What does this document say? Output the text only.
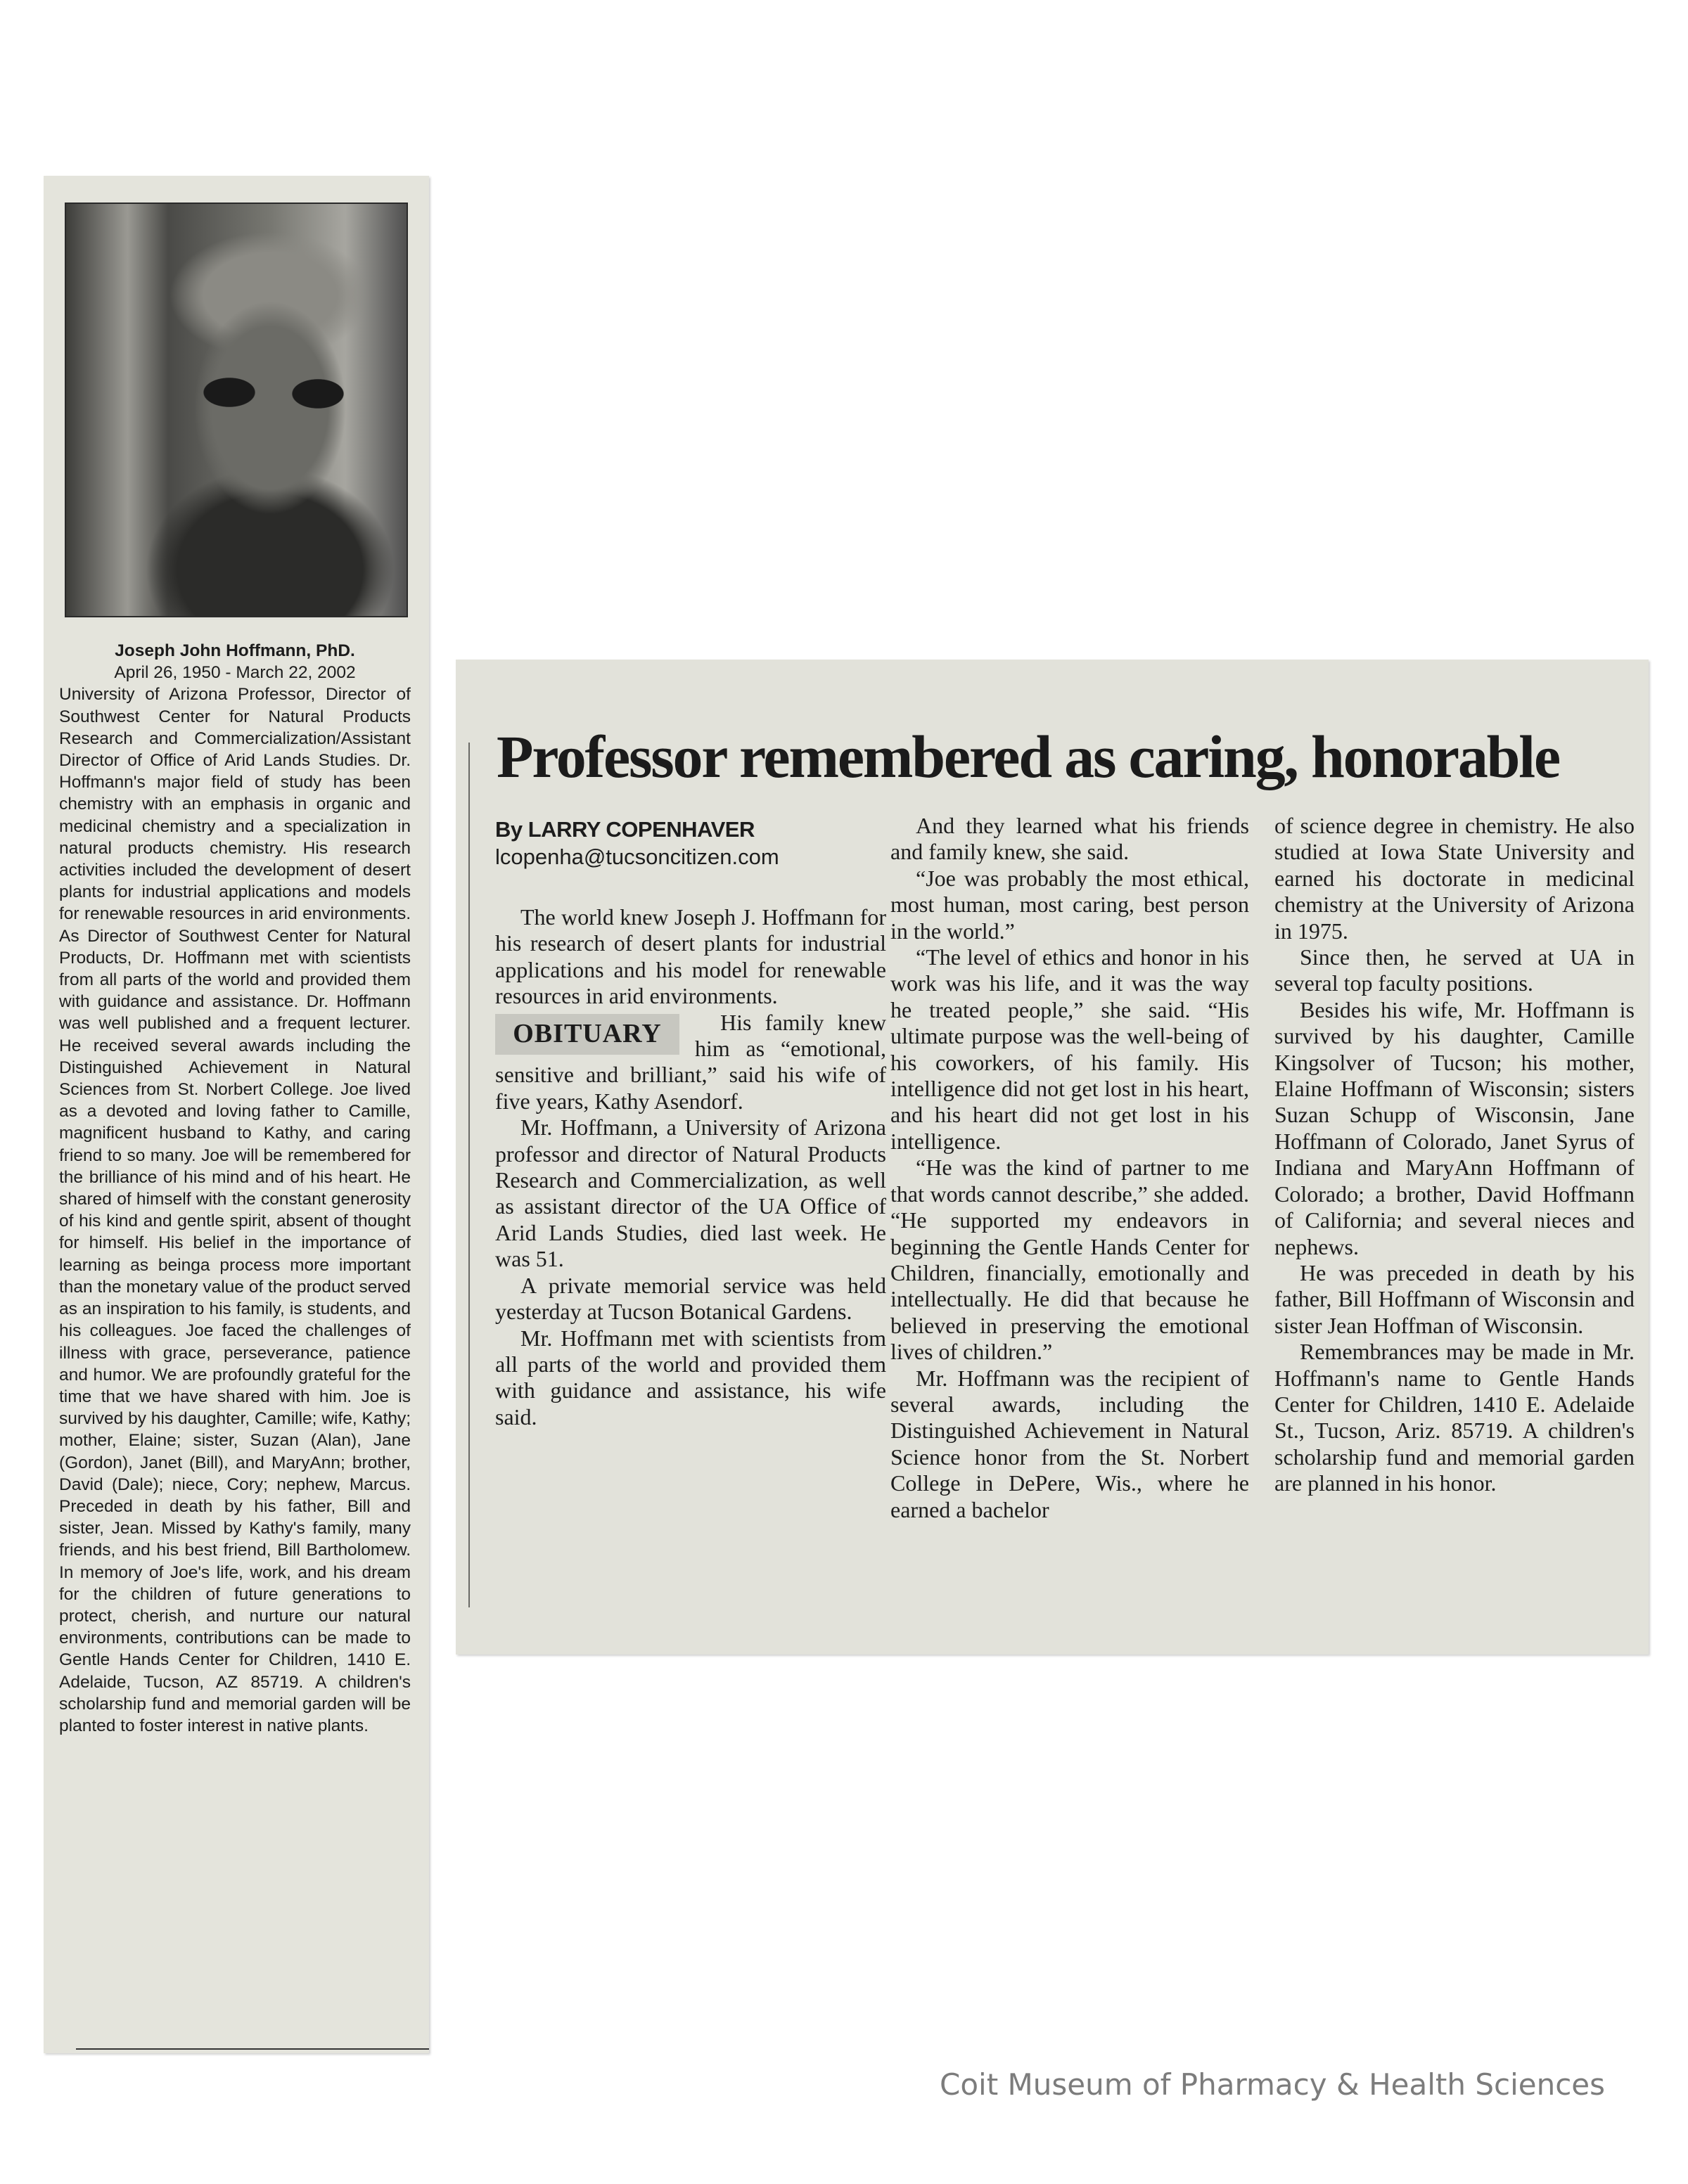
Joseph John Hoffmann, PhD.
April 26, 1950 - March 22, 2002
University of Arizona Professor, Director of Southwest Center for Natural Products Research and Commercialization/Assistant Director of Office of Arid Lands Studies. Dr. Hoffmann's major field of study has been chemistry with an emphasis in organic and medicinal chemistry and a specialization in natural products chemistry. His research activities included the development of desert plants for industrial applications and models for renewable resources in arid environments. As Director of Southwest Center for Natural Products, Dr. Hoffmann met with scientists from all parts of the world and provided them with guidance and assistance. Dr. Hoffmann was well published and a frequent lecturer. He received several awards including the Distinguished Achievement in Natural Sciences from St. Norbert College. Joe lived as a devoted and loving father to Camille, magnificent husband to Kathy, and caring friend to so many. Joe will be remembered for the brilliance of his mind and of his heart. He shared of himself with the constant generosity of his kind and gentle spirit, absent of thought for himself. His belief in the importance of learning as beinga process more important than the monetary value of the product served as an inspiration to his family, is students, and his colleagues. Joe faced the challenges of illness with grace, perseverance, patience and humor. We are profoundly grateful for the time that we have shared with him. Joe is survived by his daughter, Camille; wife, Kathy; mother, Elaine; sister, Suzan (Alan), Jane (Gordon), Janet (Bill), and MaryAnn; brother, David (Dale); niece, Cory; nephew, Marcus. Preceded in death by his father, Bill and sister, Jean. Missed by Kathy's family, many friends, and his best friend, Bill Bartholomew. In memory of Joe's life, work, and his dream for the children of future generations to protect, cherish, and nurture our natural environments, contributions can be made to Gentle Hands Center for Children, 1410 E. Adelaide, Tucson, AZ 85719. A children's scholarship fund and memorial garden will be planted to foster interest in native plants.
Professor remembered as caring, honorable
By LARRY COPENHAVER
lcopenha@tucsoncitizen.com

The world knew Joseph J. Hoffmann for his research of desert plants for industrial applications and his model for renewable resources in arid environments.

OBITUARY	His family knew him as “emotional, sensitive and brilliant,” said his wife of five years, Kathy Asendorf.

Mr. Hoffmann, a University of Arizona professor and director of Natural Products Research and Commercialization, as well as assistant director of the UA Office of Arid Lands Studies, died last week. He was 51.

A private memorial service was held yesterday at Tucson Botanical Gardens.

Mr. Hoffmann met with scientists from all parts of the world and provided them with guidance and assistance, his wife said.

And they learned what his friends and family knew, she said.

“Joe was probably the most ethical, most human, most caring, best person in the world.”

“The level of ethics and honor in his work was his life, and it was the way he treated people,” she said. “His ultimate purpose was the well-being of his coworkers, of his family. His intelligence did not get lost in his heart, and his heart did not get lost in his intelligence.

“He was the kind of partner to me that words cannot describe,” she added. “He supported my endeavors in beginning the Gentle Hands Center for Children, financially, emotionally and intellectually. He did that because he believed in preserving the emotional lives of children.”

Mr. Hoffmann was the recipient of several awards, including the Distinguished Achievement in Natural Science honor from the St. Norbert College in DePere, Wis., where he earned a bachelor

of science degree in chemistry. He also studied at Iowa State University and earned his doctorate in medicinal chemistry at the University of Arizona in 1975.

Since then, he served at UA in several top faculty positions.

Besides his wife, Mr. Hoffmann is survived by his daughter, Camille Kingsolver of Tucson; his mother, Elaine Hoffmann of Wisconsin; sisters Suzan Schupp of Wisconsin, Jane Hoffmann of Colorado, Janet Syrus of Indiana and MaryAnn Hoffmann of Colorado; a brother, David Hoffmann of California; and several nieces and nephews.

He was preceded in death by his father, Bill Hoffmann of Wisconsin and sister Jean Hoffman of Wisconsin.

Remembrances may be made in Mr. Hoffmann's name to Gentle Hands Center for Children, 1410 E. Adelaide St., Tucson, Ariz. 85719. A children's scholarship fund and memorial garden are planned in his honor.

Coit Museum of Pharmacy & Health Sciences
